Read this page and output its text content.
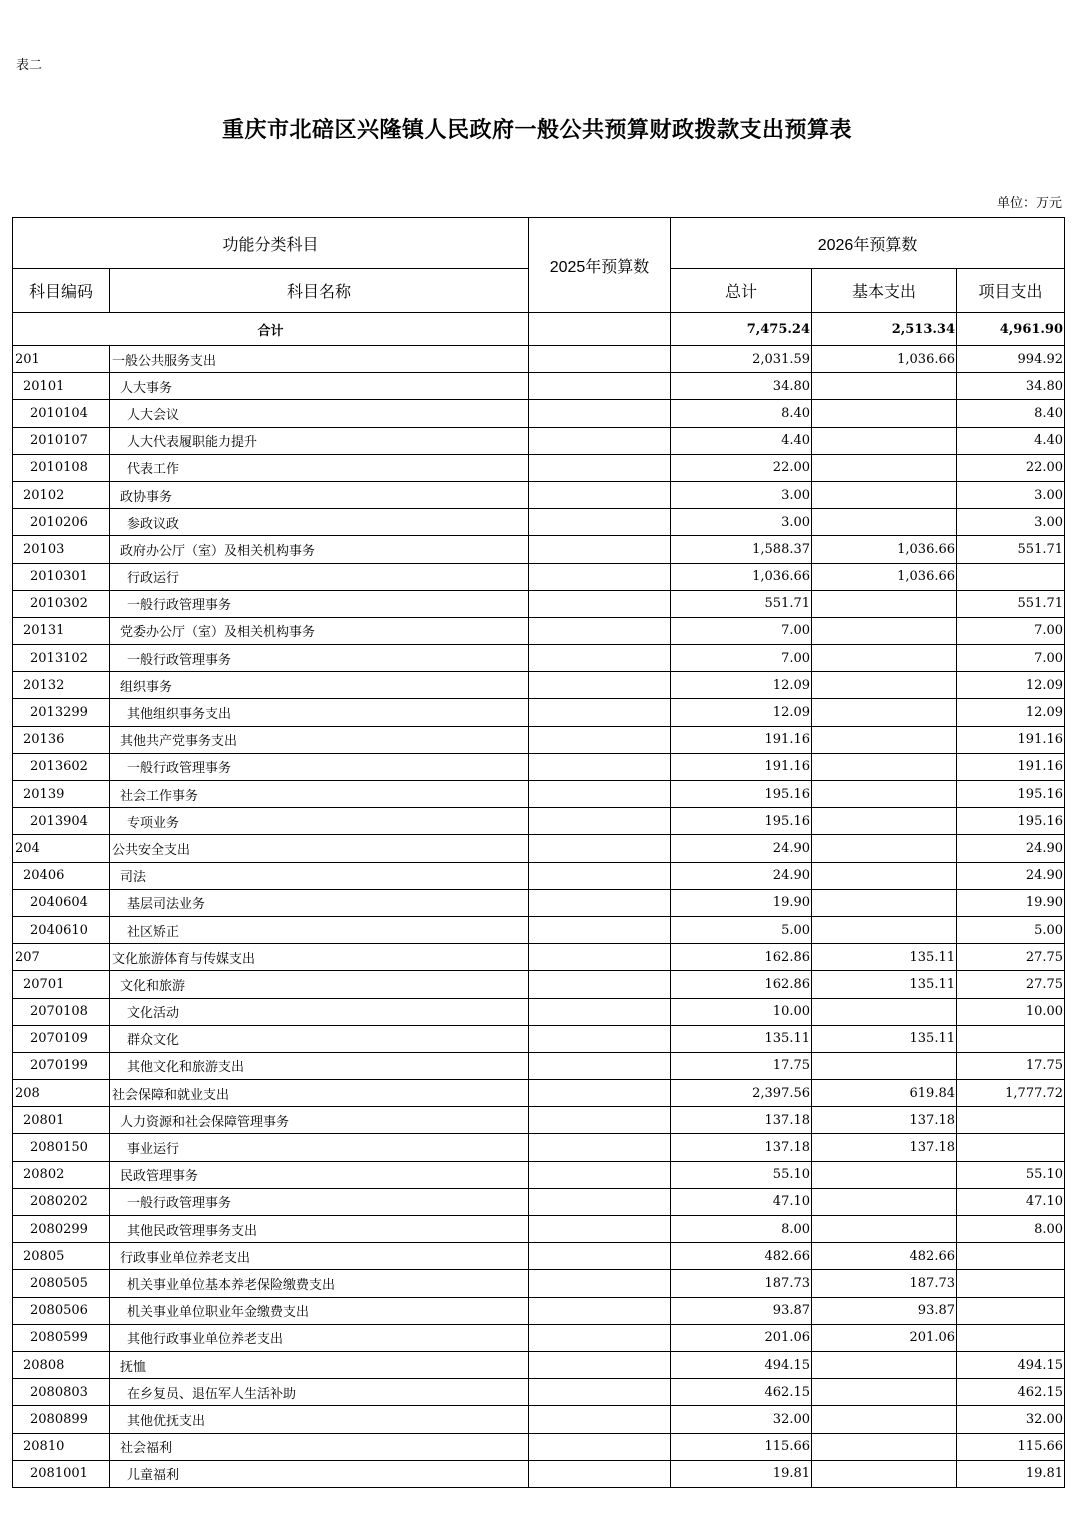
表二
重庆市北碚区兴隆镇人民政府一般公共预算财政拨款支出预算表
单位：万元
功能分类科目		2025年预算数	2026年预算数		
科目编码	科目名称		总计	基本支出	项目支出
合计			7,475.24	2,513.34	4,961.90
201	一般公共服务支出		2,031.59	1,036.66	994.92
20101	人大事务		34.80		34.80
2010104	人大会议		8.40		8.40
2010107	人大代表履职能力提升		4.40		4.40
2010108	代表工作		22.00		22.00
20102	政协事务		3.00		3.00
2010206	参政议政		3.00		3.00
20103	政府办公厅（室）及相关机构事务		1,588.37	1,036.66	551.71
2010301	行政运行		1,036.66	1,036.66	
2010302	一般行政管理事务		551.71		551.71
20131	党委办公厅（室）及相关机构事务		7.00		7.00
2013102	一般行政管理事务		7.00		7.00
20132	组织事务		12.09		12.09
2013299	其他组织事务支出		12.09		12.09
20136	其他共产党事务支出		191.16		191.16
2013602	一般行政管理事务		191.16		191.16
20139	社会工作事务		195.16		195.16
2013904	专项业务		195.16		195.16
204	公共安全支出		24.90		24.90
20406	司法		24.90		24.90
2040604	基层司法业务		19.90		19.90
2040610	社区矫正		5.00		5.00
207	文化旅游体育与传媒支出		162.86	135.11	27.75
20701	文化和旅游		162.86	135.11	27.75
2070108	文化活动		10.00		10.00
2070109	群众文化		135.11	135.11	
2070199	其他文化和旅游支出		17.75		17.75
208	社会保障和就业支出		2,397.56	619.84	1,777.72
20801	人力资源和社会保障管理事务		137.18	137.18	
2080150	事业运行		137.18	137.18	
20802	民政管理事务		55.10		55.10
2080202	一般行政管理事务		47.10		47.10
2080299	其他民政管理事务支出		8.00		8.00
20805	行政事业单位养老支出		482.66	482.66	
2080505	机关事业单位基本养老保险缴费支出		187.73	187.73	
2080506	机关事业单位职业年金缴费支出		93.87	93.87	
2080599	其他行政事业单位养老支出		201.06	201.06	
20808	抚恤		494.15		494.15
2080803	在乡复员、退伍军人生活补助		462.15		462.15
2080899	其他优抚支出		32.00		32.00
20810	社会福利		115.66		115.66
2081001	儿童福利		19.81		19.81
